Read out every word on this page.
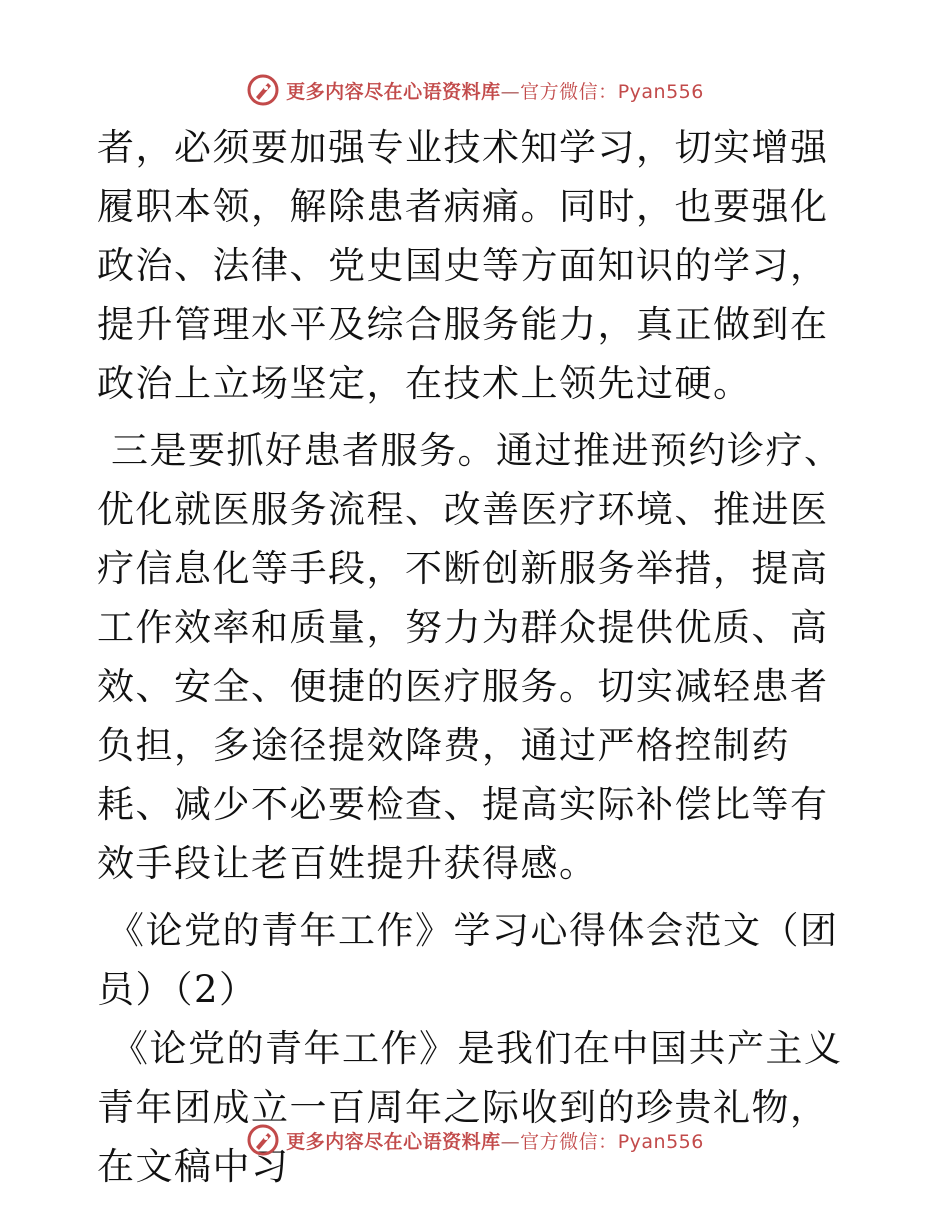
更多内容尽在心语资料库—官方微信：Pyan556

者，必须要加强专业技术知学习，切实增强履职本领，解除患者病痛。同时，也要强化政治、法律、党史国史等方面知识的学习，提升管理水平及综合服务能力，真正做到在政治上立场坚定，在技术上领先过硬。

三是要抓好患者服务。通过推进预约诊疗、优化就医服务流程、改善医疗环境、推进医疗信息化等手段，不断创新服务举措，提高工作效率和质量，努力为群众提供优质、高效、安全、便捷的医疗服务。切实减轻患者负担，多途径提效降费，通过严格控制药耗、减少不必要检查、提高实际补偿比等有效手段让老百姓提升获得感。

《论党的青年工作》学习心得体会范文（团员）（2）

《论党的青年工作》是我们在中国共产主义青年团成立一百周年之际收到的珍贵礼物，在文稿中习

更多内容尽在心语资料库—官方微信：Pyan556
